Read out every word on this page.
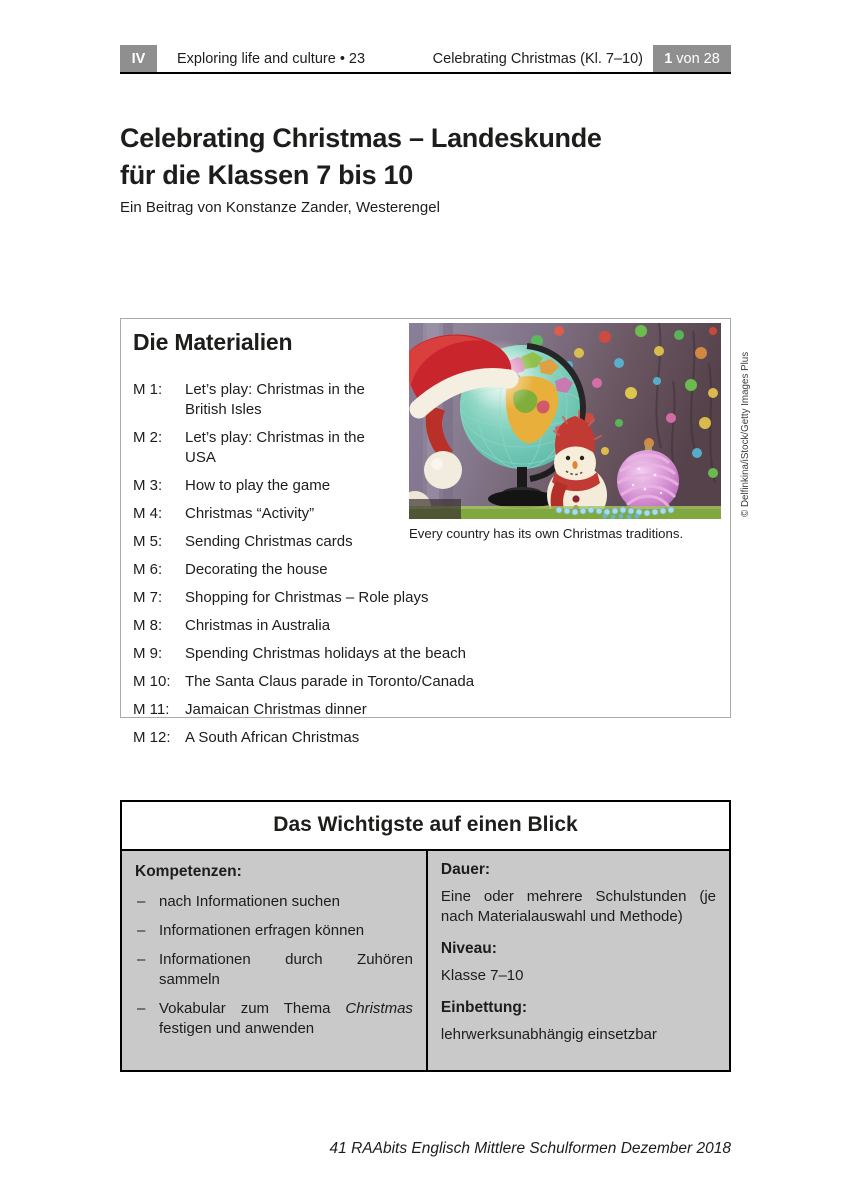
IV	Exploring life and culture • 23	Celebrating Christmas (Kl. 7–10)	1 von 28
Celebrating Christmas – Landeskunde
für die Klassen 7 bis 10
Ein Beitrag von Konstanze Zander, Westerengel
Every country has its own Christmas traditions.
Die Materialien
M 1: Let’s play: Christmas in the British Isles
M 2: Let’s play: Christmas in the USA
M 3: How to play the game
M 4: Christmas “Activity”
M 5: Sending Christmas cards
M 6: Decorating the house
M 7: Shopping for Christmas – Role plays
M 8: Christmas in Australia
M 9: Spending Christmas holidays at the beach
M 10: The Santa Claus parade in Toronto/Canada
M 11: Jamaican Christmas dinner
M 12: A South African Christmas
© Delfinkina/iStock/Getty Images Plus
Das Wichtigste auf einen Blick
Kompetenzen:
– nach Informationen suchen
– Informationen erfragen können
– Informationen durch Zuhören sammeln
– Vokabular zum Thema Christmas festigen und anwenden
Dauer:

Eine oder mehrere Schulstunden (je nach Materialauswahl und Methode)

Niveau:

Klasse 7–10

Einbettung:

lehrwerksunabhängig einsetzbar

41 RAAbits Englisch Mittlere Schulformen Dezember 2018
